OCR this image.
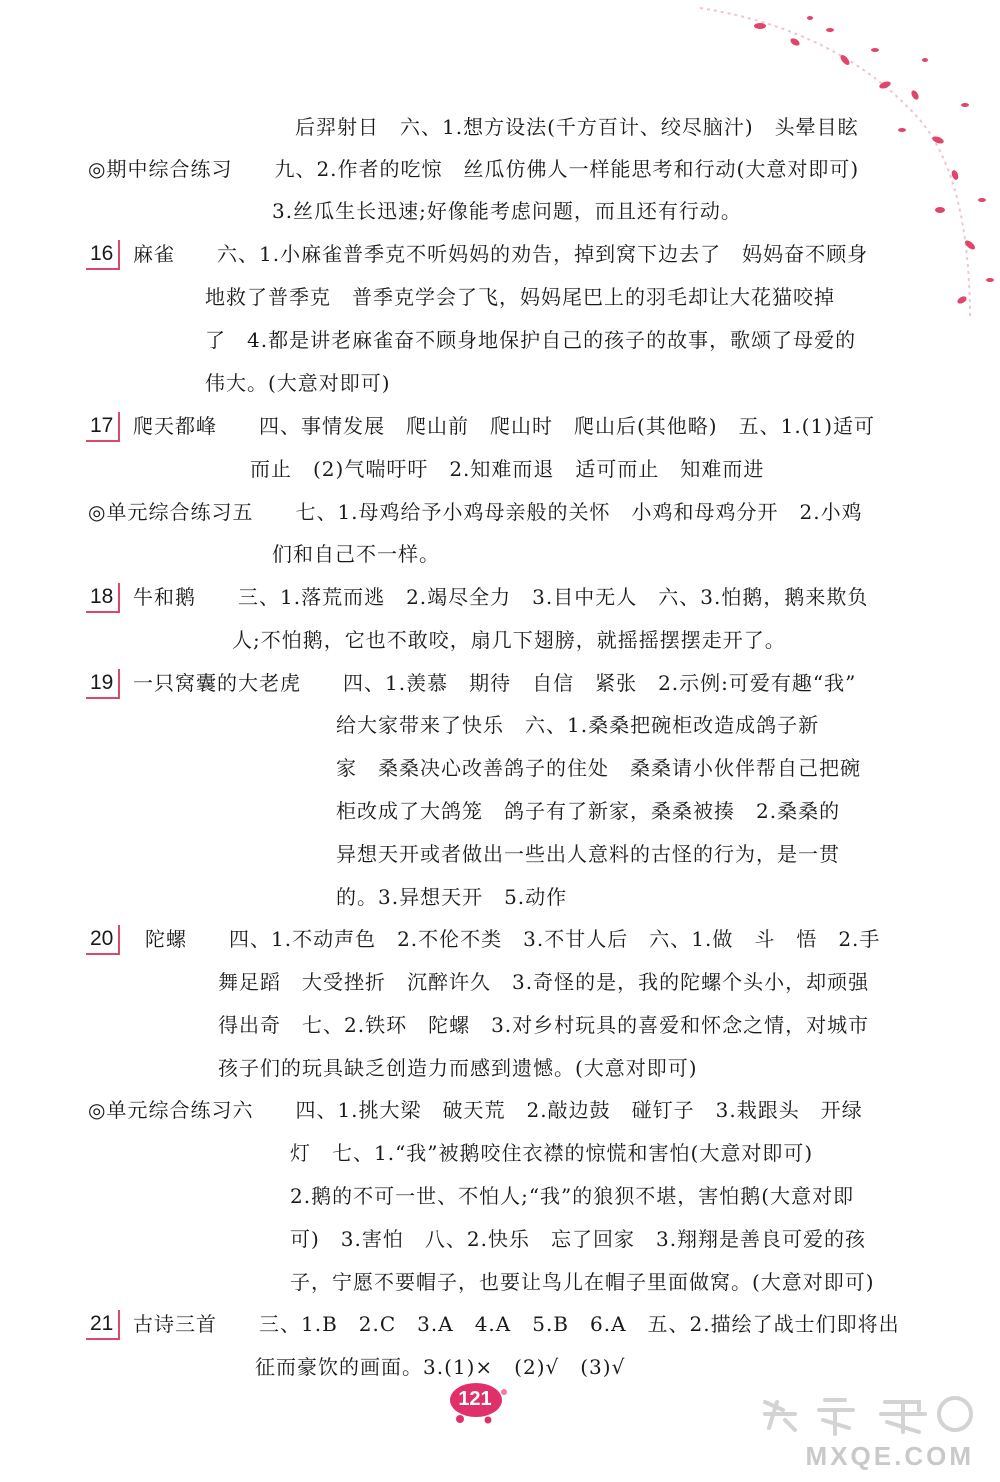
后羿射日　六、1.想方设法(千方百计、绞尽脑汁)　头晕目眩
◎期中综合练习　　九、2.作者的吃惊　丝瓜仿佛人一样能思考和行动(大意对即可)
3.丝瓜生长迅速;好像能考虑问题，而且还有行动。
16 麻雀　　六、1.小麻雀普季克不听妈妈的劝告，掉到窝下边去了　妈妈奋不顾身
地救了普季克　普季克学会了飞，妈妈尾巴上的羽毛却让大花猫咬掉
了　4.都是讲老麻雀奋不顾身地保护自己的孩子的故事，歌颂了母爱的
伟大。(大意对即可)
17 爬天都峰　　四、事情发展　爬山前　爬山时　爬山后(其他略)　五、1.(1)适可
而止　(2)气喘吁吁　2.知难而退　适可而止　知难而进
◎单元综合练习五　　七、1.母鸡给予小鸡母亲般的关怀　小鸡和母鸡分开　2.小鸡
们和自己不一样。
18 牛和鹅　　三、1.落荒而逃　2.竭尽全力　3.目中无人　六、3.怕鹅，鹅来欺负
人;不怕鹅，它也不敢咬，扇几下翅膀，就摇摇摆摆走开了。
19 一只窝囊的大老虎　　四、1.羡慕　期待　自信　紧张　2.示例:可爱有趣“我”
给大家带来了快乐　六、1.桑桑把碗柜改造成鸽子新
家　桑桑决心改善鸽子的住处　桑桑请小伙伴帮自己把碗
柜改成了大鸽笼　鸽子有了新家，桑桑被揍　2.桑桑的
异想天开或者做出一些出人意料的古怪的行为，是一贯
的。3.异想天开　5.动作
20 陀螺　　四、1.不动声色　2.不伦不类　3.不甘人后　六、1.做　斗　悟　2.手
舞足蹈　大受挫折　沉醉许久　3.奇怪的是，我的陀螺个头小，却顽强
得出奇　七、2.铁环　陀螺　3.对乡村玩具的喜爱和怀念之情，对城市
孩子们的玩具缺乏创造力而感到遗憾。(大意对即可)
◎单元综合练习六　　四、1.挑大梁　破天荒　2.敲边鼓　碰钉子　3.栽跟头　开绿
灯　七、1.“我”被鹅咬住衣襟的惊慌和害怕(大意对即可)
2.鹅的不可一世、不怕人;“我”的狼狈不堪，害怕鹅(大意对即
可)　3.害怕　八、2.快乐　忘了回家　3.翔翔是善良可爱的孩
子，宁愿不要帽子，也要让鸟儿在帽子里面做窝。(大意对即可)
21 古诗三首　　三、1.B　2.C　3.A　4.A　5.B　6.A　五、2.描绘了战士们即将出
征而豪饮的画面。3.(1)×　(2)√　(3)√
121
MXQE.COM
